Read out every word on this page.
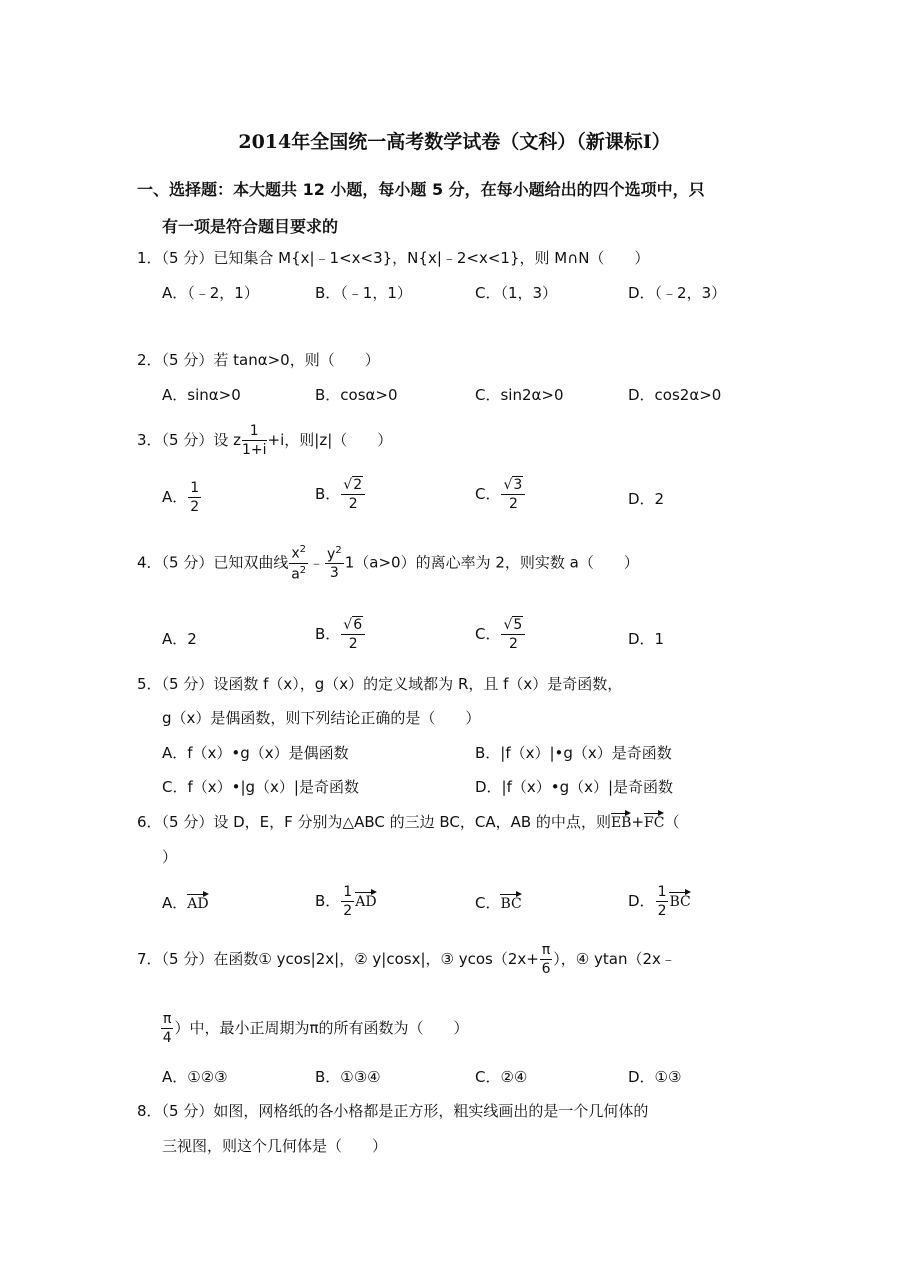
2014年全国统一高考数学试卷（文科）（新课标Ⅰ）
一、选择题：本大题共 12 小题，每小题 5 分，在每小题给出的四个选项中，只
有一项是符合题目要求的
1．（5 分）已知集合 M{x|﹣1<x<3}，N{x|﹣2<x<1}，则 M∩N（　　）
A．（﹣2，1）	B．（﹣1，1）	C．（1，3）	D．（﹣2，3）
2．（5 分）若 tanα>0，则（　　）
A．sinα>0	B．cosα>0	C．sin2α>0	D．cos2α>0
3．（5 分）设 z $\frac{1}{1+i} +i$，则|z|（　　）
A． $\frac{1}{2}$	B． $\frac{√2}{2}$	C． $\frac{√3}{2}$	D．2
4．（5 分）已知双曲线 $\frac{x^2}{a^2}$ ﹣ $\frac{y^2}{3} 1(a>0)$的离心率为 2，则实数 a（　　）
A．2	B． $\frac{√6}{2}$	C． $\frac{√5}{2}$	D．1
5．（5 分）设函数 f（x），g（x）的定义域都为 R，且 f（x）是奇函数，
g（x）是偶函数，则下列结论正确的是（　　）
A．f（x）•g（x）是偶函数	B．|f（x）|•g（x）是奇函数
C．f（x）•|g（x）|是奇函数	D．|f（x）•g（x）|是奇函数
6．（5 分）设 D，E，F 分别为△ABC 的三边 BC，CA，AB 的中点，则EB+FC（
）
A．AD	B． $\frac{1}{2}$ AD	C．BC	D． $\frac{1}{2}$ BC
7．（5 分）在函数① ycos|2x|，② y|cosx|，③ $ycos(2x+ \frac{\pi}{6}$ ），④ ytan（2x﹣
$\frac{\pi}{4}$ ）中，最小正周期为π的所有函数为（　　）
A．①②③	B．①③④	C．②④	D．①③
8．（5 分）如图，网格纸的各小格都是正方形，粗实线画出的是一个几何体的
三视图，则这个几何体是（　　）
